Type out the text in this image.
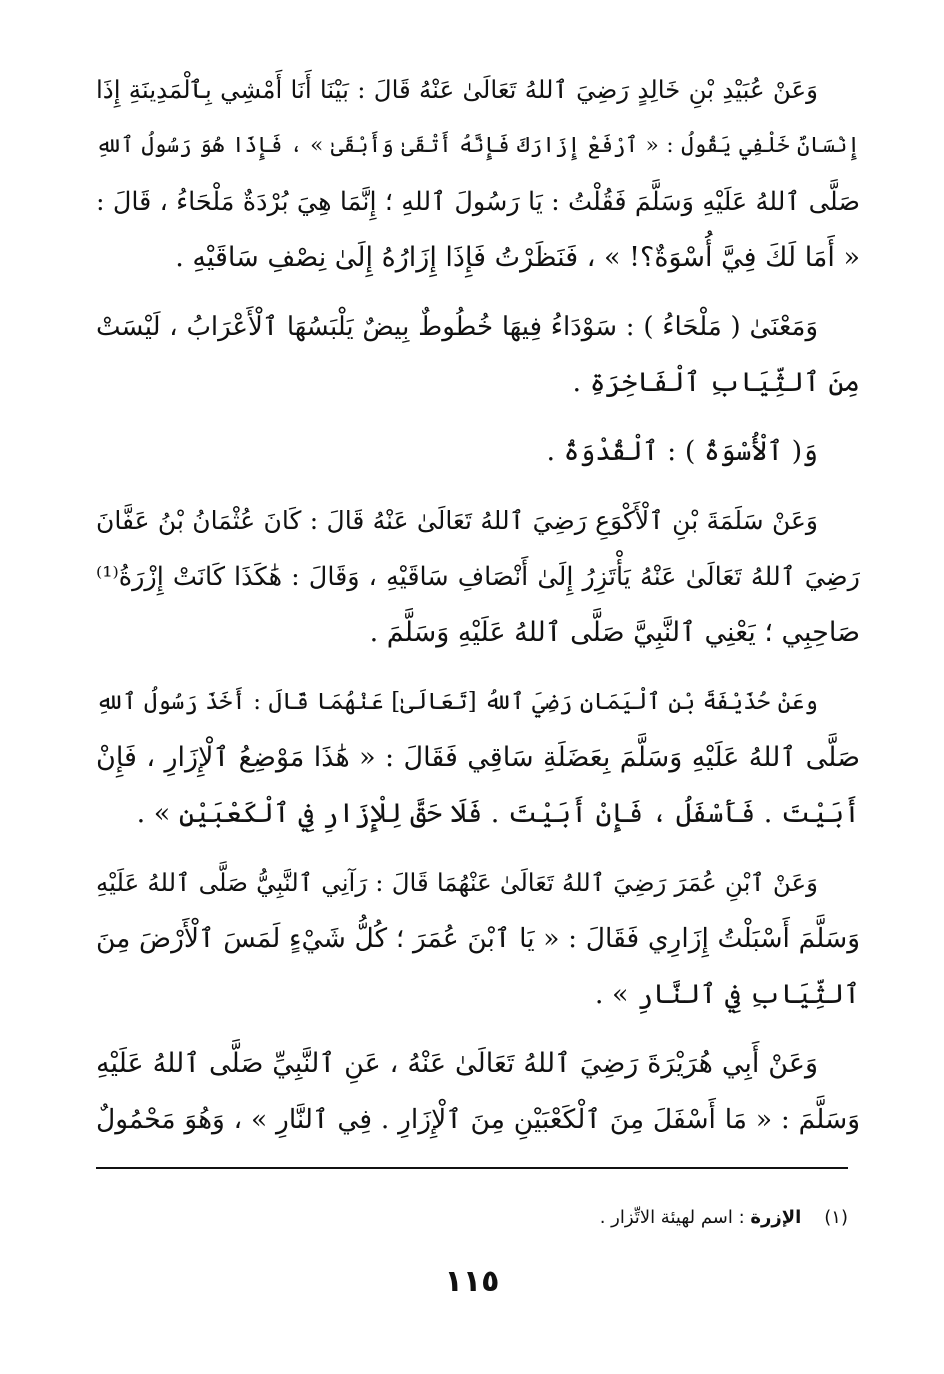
وَعَنْ عُبَيْدِ بْنِ خَالِدٍ رَضِيَ ٱللهُ تَعَالَىٰ عَنْهُ قَالَ : بَيْنَا أَنَا أَمْشِي بِٱلْمَدِينَةِ إِذَا
إِنْسَانٌ خَلْفِي يَقُولُ : « ٱرْفَعْ إِزَارَكَ فَإِنَّهُ أَتْقَىٰ وَأَبْقَىٰ » ، فَإِذَا هُوَ رَسُولُ ٱللهِ
صَلَّى ٱللهُ عَلَيْهِ وَسَلَّمَ فَقُلْتُ : يَا رَسُولَ ٱللهِ ؛ إِنَّمَا هِيَ بُرْدَةٌ مَلْحَاءُ ، قَالَ :
« أَمَا لَكَ فِيَّ أُسْوَةٌ؟! » ، فَنَظَرْتُ فَإِذَا إِزَارُهُ إِلَىٰ نِصْفِ سَاقَيْهِ .
وَمَعْنَىٰ ( مَلْحَاءُ ) : سَوْدَاءُ فِيهَا خُطُوطٌ بِيضٌ يَلْبَسُهَا ٱلْأَعْرَابُ ، لَيْسَتْ
مِنَ ٱلثِّيَابِ ٱلْفَاخِرَةِ .
وَ( ٱلْأُسْوَةُ ) : ٱلْقُدْوَةُ .
وَعَنْ سَلَمَةَ بْنِ ٱلْأَكْوَعِ رَضِيَ ٱللهُ تَعَالَىٰ عَنْهُ قَالَ : كَانَ عُثْمَانُ بْنُ عَفَّانَ
رَضِيَ ٱللهُ تَعَالَىٰ عَنْهُ يَأْتَزِرُ إِلَىٰ أَنْصَافِ سَاقَيْهِ ، وَقَالَ : هَٰكَذَا كَانَتْ إِزْرَةُ⁽¹⁾
صَاحِبِي ؛ يَعْنِي ٱلنَّبِيَّ صَلَّى ٱللهُ عَلَيْهِ وَسَلَّمَ .
وعَنْ حُذَيْفَةَ بْنِ ٱلْيَمَانِ رَضِيَ ٱللهُ [تَعَالَىٰ] عَنْهُمَا قَالَ : أَخَذَ رَسُولُ ٱللهِ
صَلَّى ٱللهُ عَلَيْهِ وَسَلَّمَ بِعَضَلَةِ سَاقِي فَقَالَ : « هَٰذَا مَوْضِعُ ٱلْإِزَارِ ، فَإِنْ
أَبَيْتَ . فَأَسْفَلُ ، فَإِنْ أَبَيْتَ . فَلَا حَقَّ لِلْإِزَارِ فِي ٱلْكَعْبَيْنِ » .
وَعَنْ ٱبْنِ عُمَرَ رَضِيَ ٱللهُ تَعَالَىٰ عَنْهُمَا قَالَ : رَآنِي ٱلنَّبِيُّ صَلَّى ٱللهُ عَلَيْهِ
وَسَلَّمَ أَسْبَلْتُ إِزَارِي فَقَالَ : « يَا ٱبْنَ عُمَرَ ؛ كُلُّ شَيْءٍ لَمَسَ ٱلْأَرْضَ مِنَ
ٱلثِّيَابِ فِي ٱلنَّارِ » .
وَعَنْ أَبِي هُرَيْرَةَ رَضِيَ ٱللهُ تَعَالَىٰ عَنْهُ ، عَنِ ٱلنَّبِيِّ صَلَّى ٱللهُ عَلَيْهِ
وَسَلَّمَ : « مَا أَسْفَلَ مِنَ ٱلْكَعْبَيْنِ مِنَ ٱلْإِزَارِ . فِي ٱلنَّارِ » ، وَهُوَ مَحْمُولٌ
(١)    الإزرة : اسم لهيئة الاتِّزار .
١١٥
